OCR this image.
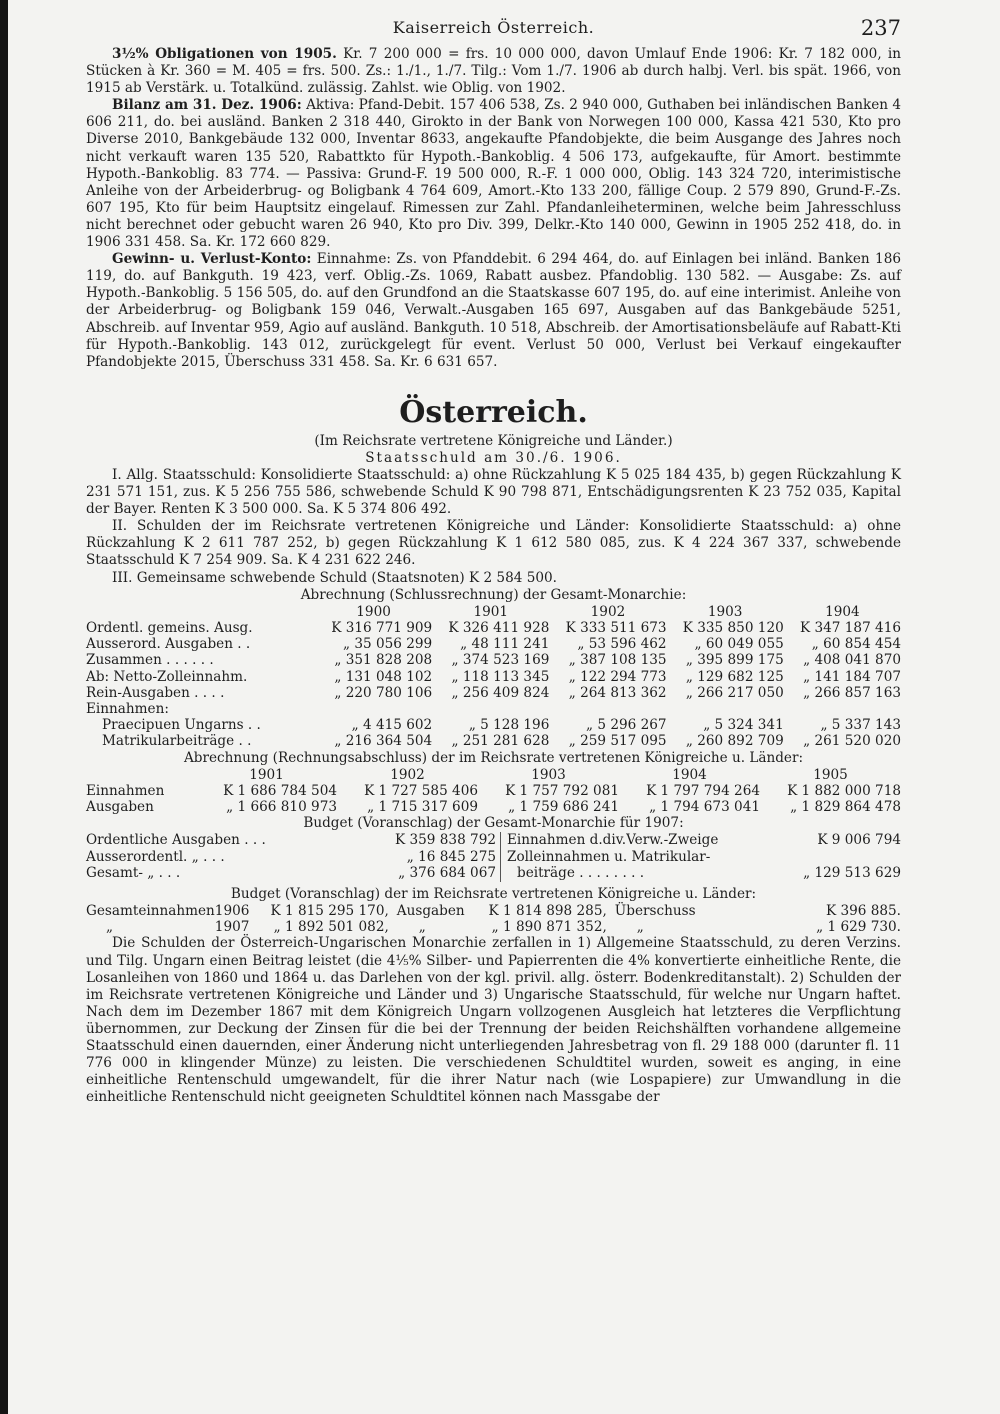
Kaiserreich Österreich.	237

3½% Obligationen von 1905. Kr. 7 200 000 = frs. 10 000 000, davon Umlauf Ende 1906: Kr. 7 182 000, in Stücken à Kr. 360 = M. 405 = frs. 500. Zs.: 1./1., 1./7. Tilg.: Vom 1./7. 1906 ab durch halbj. Verl. bis spät. 1966, von 1915 ab Verstärk. u. Totalkünd. zulässig. Zahlst. wie Oblig. von 1902.

Bilanz am 31. Dez. 1906: Aktiva: Pfand-Debit. 157 406 538, Zs. 2 940 000, Guthaben bei inländischen Banken 4 606 211, do. bei ausländ. Banken 2 318 440, Girokto in der Bank von Norwegen 100 000, Kassa 421 530, Kto pro Diverse 2010, Bankgebäude 132 000, Inventar 8633, angekaufte Pfandobjekte, die beim Ausgange des Jahres noch nicht verkauft waren 135 520, Rabattkto für Hypoth.-Bankoblig. 4 506 173, aufgekaufte, für Amort. bestimmte Hypoth.-Bankoblig. 83 774. — Passiva: Grund-F. 19 500 000, R.-F. 1 000 000, Oblig. 143 324 720, interimistische Anleihe von der Arbeiderbrug- og Boligbank 4 764 609, Amort.-Kto 133 200, fällige Coup. 2 579 890, Grund-F.-Zs. 607 195, Kto für beim Hauptsitz eingelauf. Rimessen zur Zahl. Pfandanleiheterminen, welche beim Jahresschluss nicht berechnet oder gebucht waren 26 940, Kto pro Div. 399, Delkr.-Kto 140 000, Gewinn in 1905 252 418, do. in 1906 331 458. Sa. Kr. 172 660 829.

Gewinn- u. Verlust-Konto: Einnahme: Zs. von Pfanddebit. 6 294 464, do. auf Einlagen bei inländ. Banken 186 119, do. auf Bankguth. 19 423, verf. Oblig.-Zs. 1069, Rabatt ausbez. Pfandoblig. 130 582. — Ausgabe: Zs. auf Hypoth.-Bankoblig. 5 156 505, do. auf den Grundfond an die Staatskasse 607 195, do. auf eine interimist. Anleihe von der Arbeiderbrug- og Boligbank 159 046, Verwalt.-Ausgaben 165 697, Ausgaben auf das Bankgebäude 5251, Abschreib. auf Inventar 959, Agio auf ausländ. Bankguth. 10 518, Abschreib. der Amortisationsbeläufe auf Rabatt-Kti für Hypoth.-Bankoblig. 143 012, zurückgelegt für event. Verlust 50 000, Verlust bei Verkauf eingekaufter Pfandobjekte 2015, Überschuss 331 458. Sa. Kr. 6 631 657.

Österreich.

(Im Reichsrate vertretene Königreiche und Länder.)

Staatsschuld am 30./6. 1906.

I. Allg. Staatsschuld: Konsolidierte Staatsschuld: a) ohne Rückzahlung K 5 025 184 435, b) gegen Rückzahlung K 231 571 151, zus. K 5 256 755 586, schwebende Schuld K 90 798 871, Entschädigungsrenten K 23 752 035, Kapital der Bayer. Renten K 3 500 000. Sa. K 5 374 806 492.

II. Schulden der im Reichsrate vertretenen Königreiche und Länder: Konsolidierte Staatsschuld: a) ohne Rückzahlung K 2 611 787 252, b) gegen Rückzahlung K 1 612 580 085, zus. K 4 224 367 337, schwebende Staatsschuld K 7 254 909. Sa. K 4 231 622 246.

III. Gemeinsame schwebende Schuld (Staatsnoten) K 2 584 500.

Abrechnung (Schlussrechnung) der Gesamt-Monarchie:

	1900	1901	1902	1903	1904
Ordentl. gemeins. Ausg.	K 316 771 909	K 326 411 928	K 333 511 673	K 335 850 120	K 347 187 416
Ausserord. Ausgaben . .	„ 35 056 299	„ 48 111 241	„ 53 596 462	„ 60 049 055	„ 60 854 454
Zusammen . . . . . .	„ 351 828 208	„ 374 523 169	„ 387 108 135	„ 395 899 175	„ 408 041 870
Ab: Netto-Zolleinnahm.	„ 131 048 102	„ 118 113 345	„ 122 294 773	„ 129 682 125	„ 141 184 707
Rein-Ausgaben . . . .	„ 220 780 106	„ 256 409 824	„ 264 813 362	„ 266 217 050	„ 266 857 163
Einnahmen:					
Praecipuen Ungarns . .	„ 4 415 602	„ 5 128 196	„ 5 296 267	„ 5 324 341	„ 5 337 143
Matrikularbeiträge . .	„ 216 364 504	„ 251 281 628	„ 259 517 095	„ 260 892 709	„ 261 520 020

Abrechnung (Rechnungsabschluss) der im Reichsrate vertretenen Königreiche u. Länder:

	1901	1902	1903	1904	1905
Einnahmen	K 1 686 784 504	K 1 727 585 406	K 1 757 792 081	K 1 797 794 264	K 1 882 000 718
Ausgaben	„ 1 666 810 973	„ 1 715 317 609	„ 1 759 686 241	„ 1 794 673 041	„ 1 829 864 478

Budget (Voranschlag) der Gesamt-Monarchie für 1907:

Ordentliche Ausgaben . . .	K 359 838 792
Ausserordentl. „ . . .	„ 16 845 275
Gesamt- „ . . .	„ 376 684 067
Einnahmen d.div.Verw.-Zweige	K 9 006 794
Zolleinnahmen u. Matrikular-
beiträge . . . . . . . .	„ 129 513 629

Budget (Voranschlag) der im Reichsrate vertretenen Königreiche u. Länder:

Gesamteinnahmen	1906	K 1 815 295 170,	Ausgaben	K 1 814 898 285,	Überschuss	K 396 885.
„	1907	„ 1 892 501 082,	„	„ 1 890 871 352,	„	„ 1 629 730.

Die Schulden der Österreich-Ungarischen Monarchie zerfallen in 1) Allgemeine Staatsschuld, zu deren Verzins. und Tilg. Ungarn einen Beitrag leistet (die 4⅕% Silber- und Papierrenten die 4% konvertierte einheitliche Rente, die Losanleihen von 1860 und 1864 u. das Darlehen von der kgl. privil. allg. österr. Bodenkreditanstalt). 2) Schulden der im Reichsrate vertretenen Königreiche und Länder und 3) Ungarische Staatsschuld, für welche nur Ungarn haftet. Nach dem im Dezember 1867 mit dem Königreich Ungarn vollzogenen Ausgleich hat letzteres die Verpflichtung übernommen, zur Deckung der Zinsen für die bei der Trennung der beiden Reichshälften vorhandene allgemeine Staatsschuld einen dauernden, einer Änderung nicht unterliegenden Jahresbetrag von fl. 29 188 000 (darunter fl. 11 776 000 in klingender Münze) zu leisten. Die verschiedenen Schuldtitel wurden, soweit es anging, in eine einheitliche Rentenschuld umgewandelt, für die ihrer Natur nach (wie Lospapiere) zur Umwandlung in die einheitliche Rentenschuld nicht geeigneten Schuldtitel können nach Massgabe der
